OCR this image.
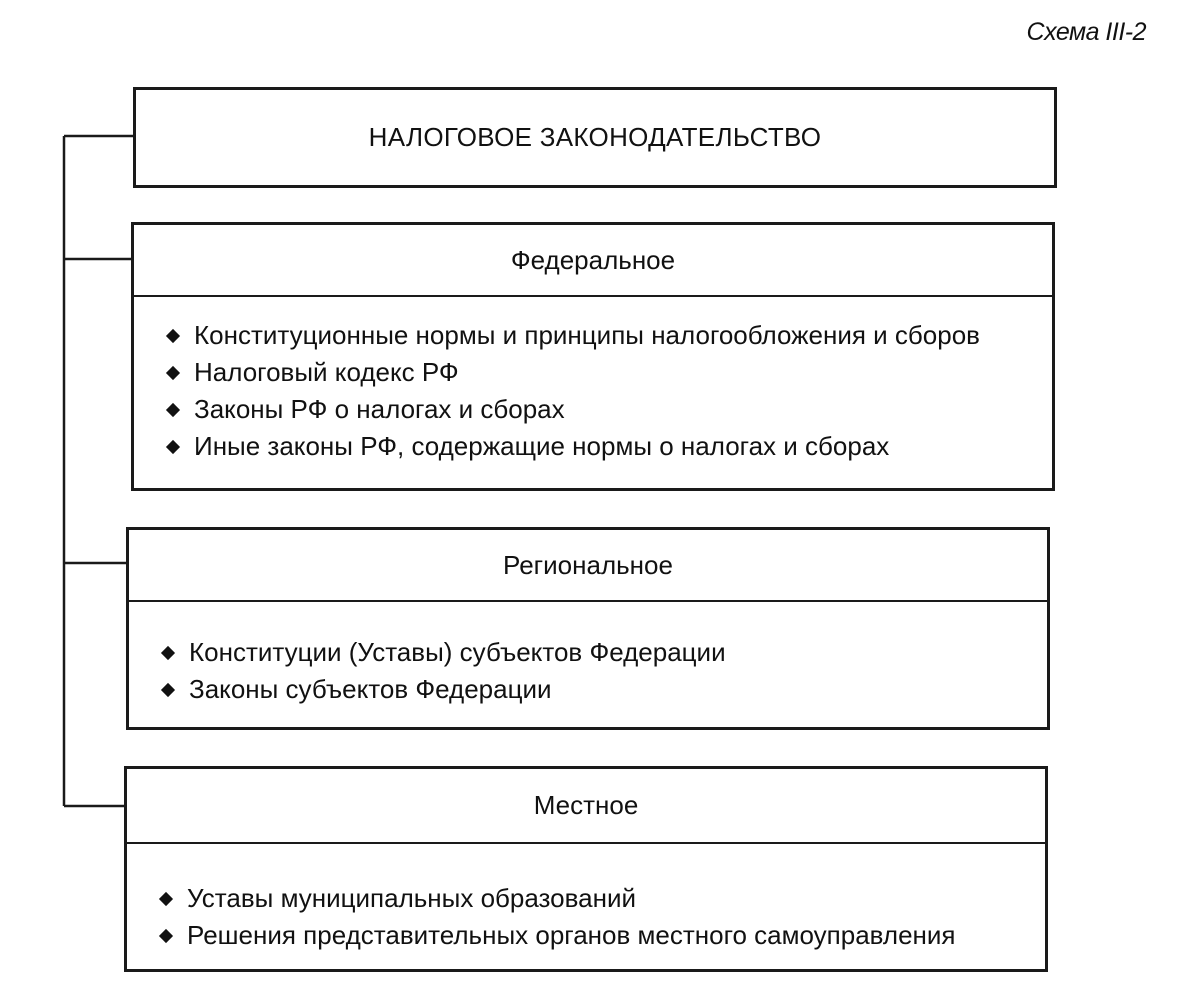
Схема III-2
НАЛОГОВОЕ ЗАКОНОДАТЕЛЬСТВО
Федеральное
Конституционные нормы и принципы налогообложения и сборов
Налоговый кодекс РФ
Законы РФ о налогах и сборах
Иные законы РФ, содержащие нормы о налогах и сборах
Региональное
Конституции (Уставы) субъектов Федерации
Законы субъектов Федерации
Местное
Уставы муниципальных образований
Решения представительных органов местного самоуправления
